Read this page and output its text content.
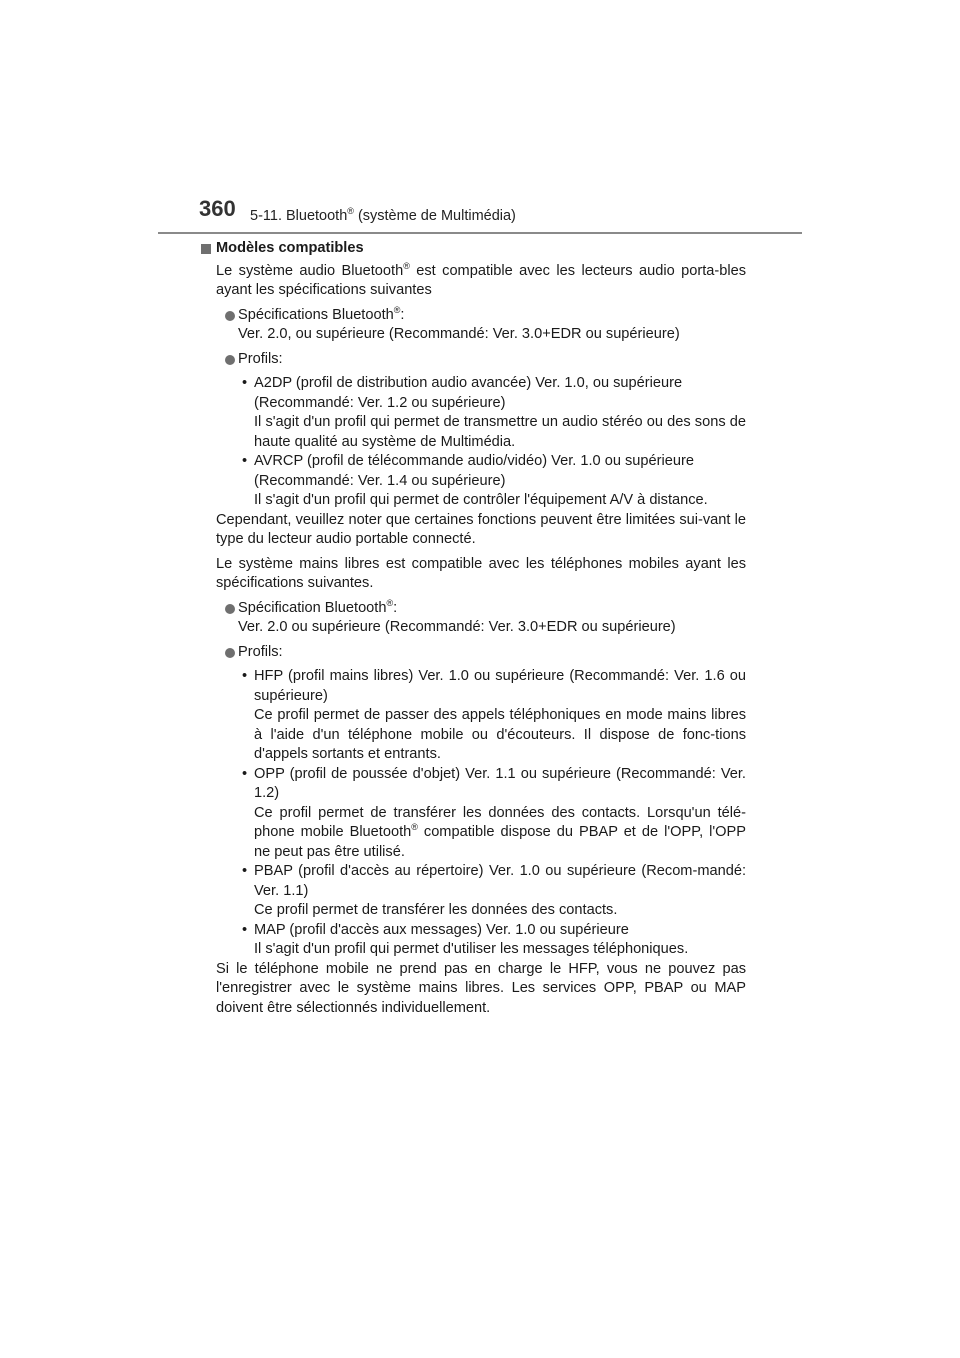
360 5-11. Bluetooth® (système de Multimédia)

Modèles compatibles

Le système audio Bluetooth® est compatible avec les lecteurs audio porta-bles ayant les spécifications suivantes

Spécifications Bluetooth®:

Ver. 2.0, ou supérieure (Recommandé: Ver. 3.0+EDR ou supérieure)

Profils:

• A2DP (profil de distribution audio avancée) Ver. 1.0, ou supérieure

(Recommandé: Ver. 1.2 ou supérieure)

Il s'agit d'un profil qui permet de transmettre un audio stéréo ou des sons de haute qualité au système de Multimédia.

• AVRCP (profil de télécommande audio/vidéo) Ver. 1.0 ou supérieure

(Recommandé: Ver. 1.4 ou supérieure)

Il s'agit d'un profil qui permet de contrôler l'équipement A/V à distance.

Cependant, veuillez noter que certaines fonctions peuvent être limitées sui-vant le type du lecteur audio portable connecté.

Le système mains libres est compatible avec les téléphones mobiles ayant les spécifications suivantes.

Spécification Bluetooth®:

Ver. 2.0 ou supérieure (Recommandé: Ver. 3.0+EDR ou supérieure)

Profils:

• HFP (profil mains libres) Ver. 1.0 ou supérieure (Recommandé: Ver. 1.6 ou supérieure)

Ce profil permet de passer des appels téléphoniques en mode mains libres à l'aide d'un téléphone mobile ou d'écouteurs. Il dispose de fonc-tions d'appels sortants et entrants.

• OPP (profil de poussée d'objet) Ver. 1.1 ou supérieure (Recommandé: Ver. 1.2)

Ce profil permet de transférer les données des contacts. Lorsqu'un télé-phone mobile Bluetooth® compatible dispose du PBAP et de l'OPP, l'OPP ne peut pas être utilisé.

• PBAP (profil d'accès au répertoire) Ver. 1.0 ou supérieure (Recom-mandé: Ver. 1.1)

Ce profil permet de transférer les données des contacts.

• MAP (profil d'accès aux messages) Ver. 1.0 ou supérieure

Il s'agit d'un profil qui permet d'utiliser les messages téléphoniques.

Si le téléphone mobile ne prend pas en charge le HFP, vous ne pouvez pas l'enregistrer avec le système mains libres. Les services OPP, PBAP ou MAP doivent être sélectionnés individuellement.
